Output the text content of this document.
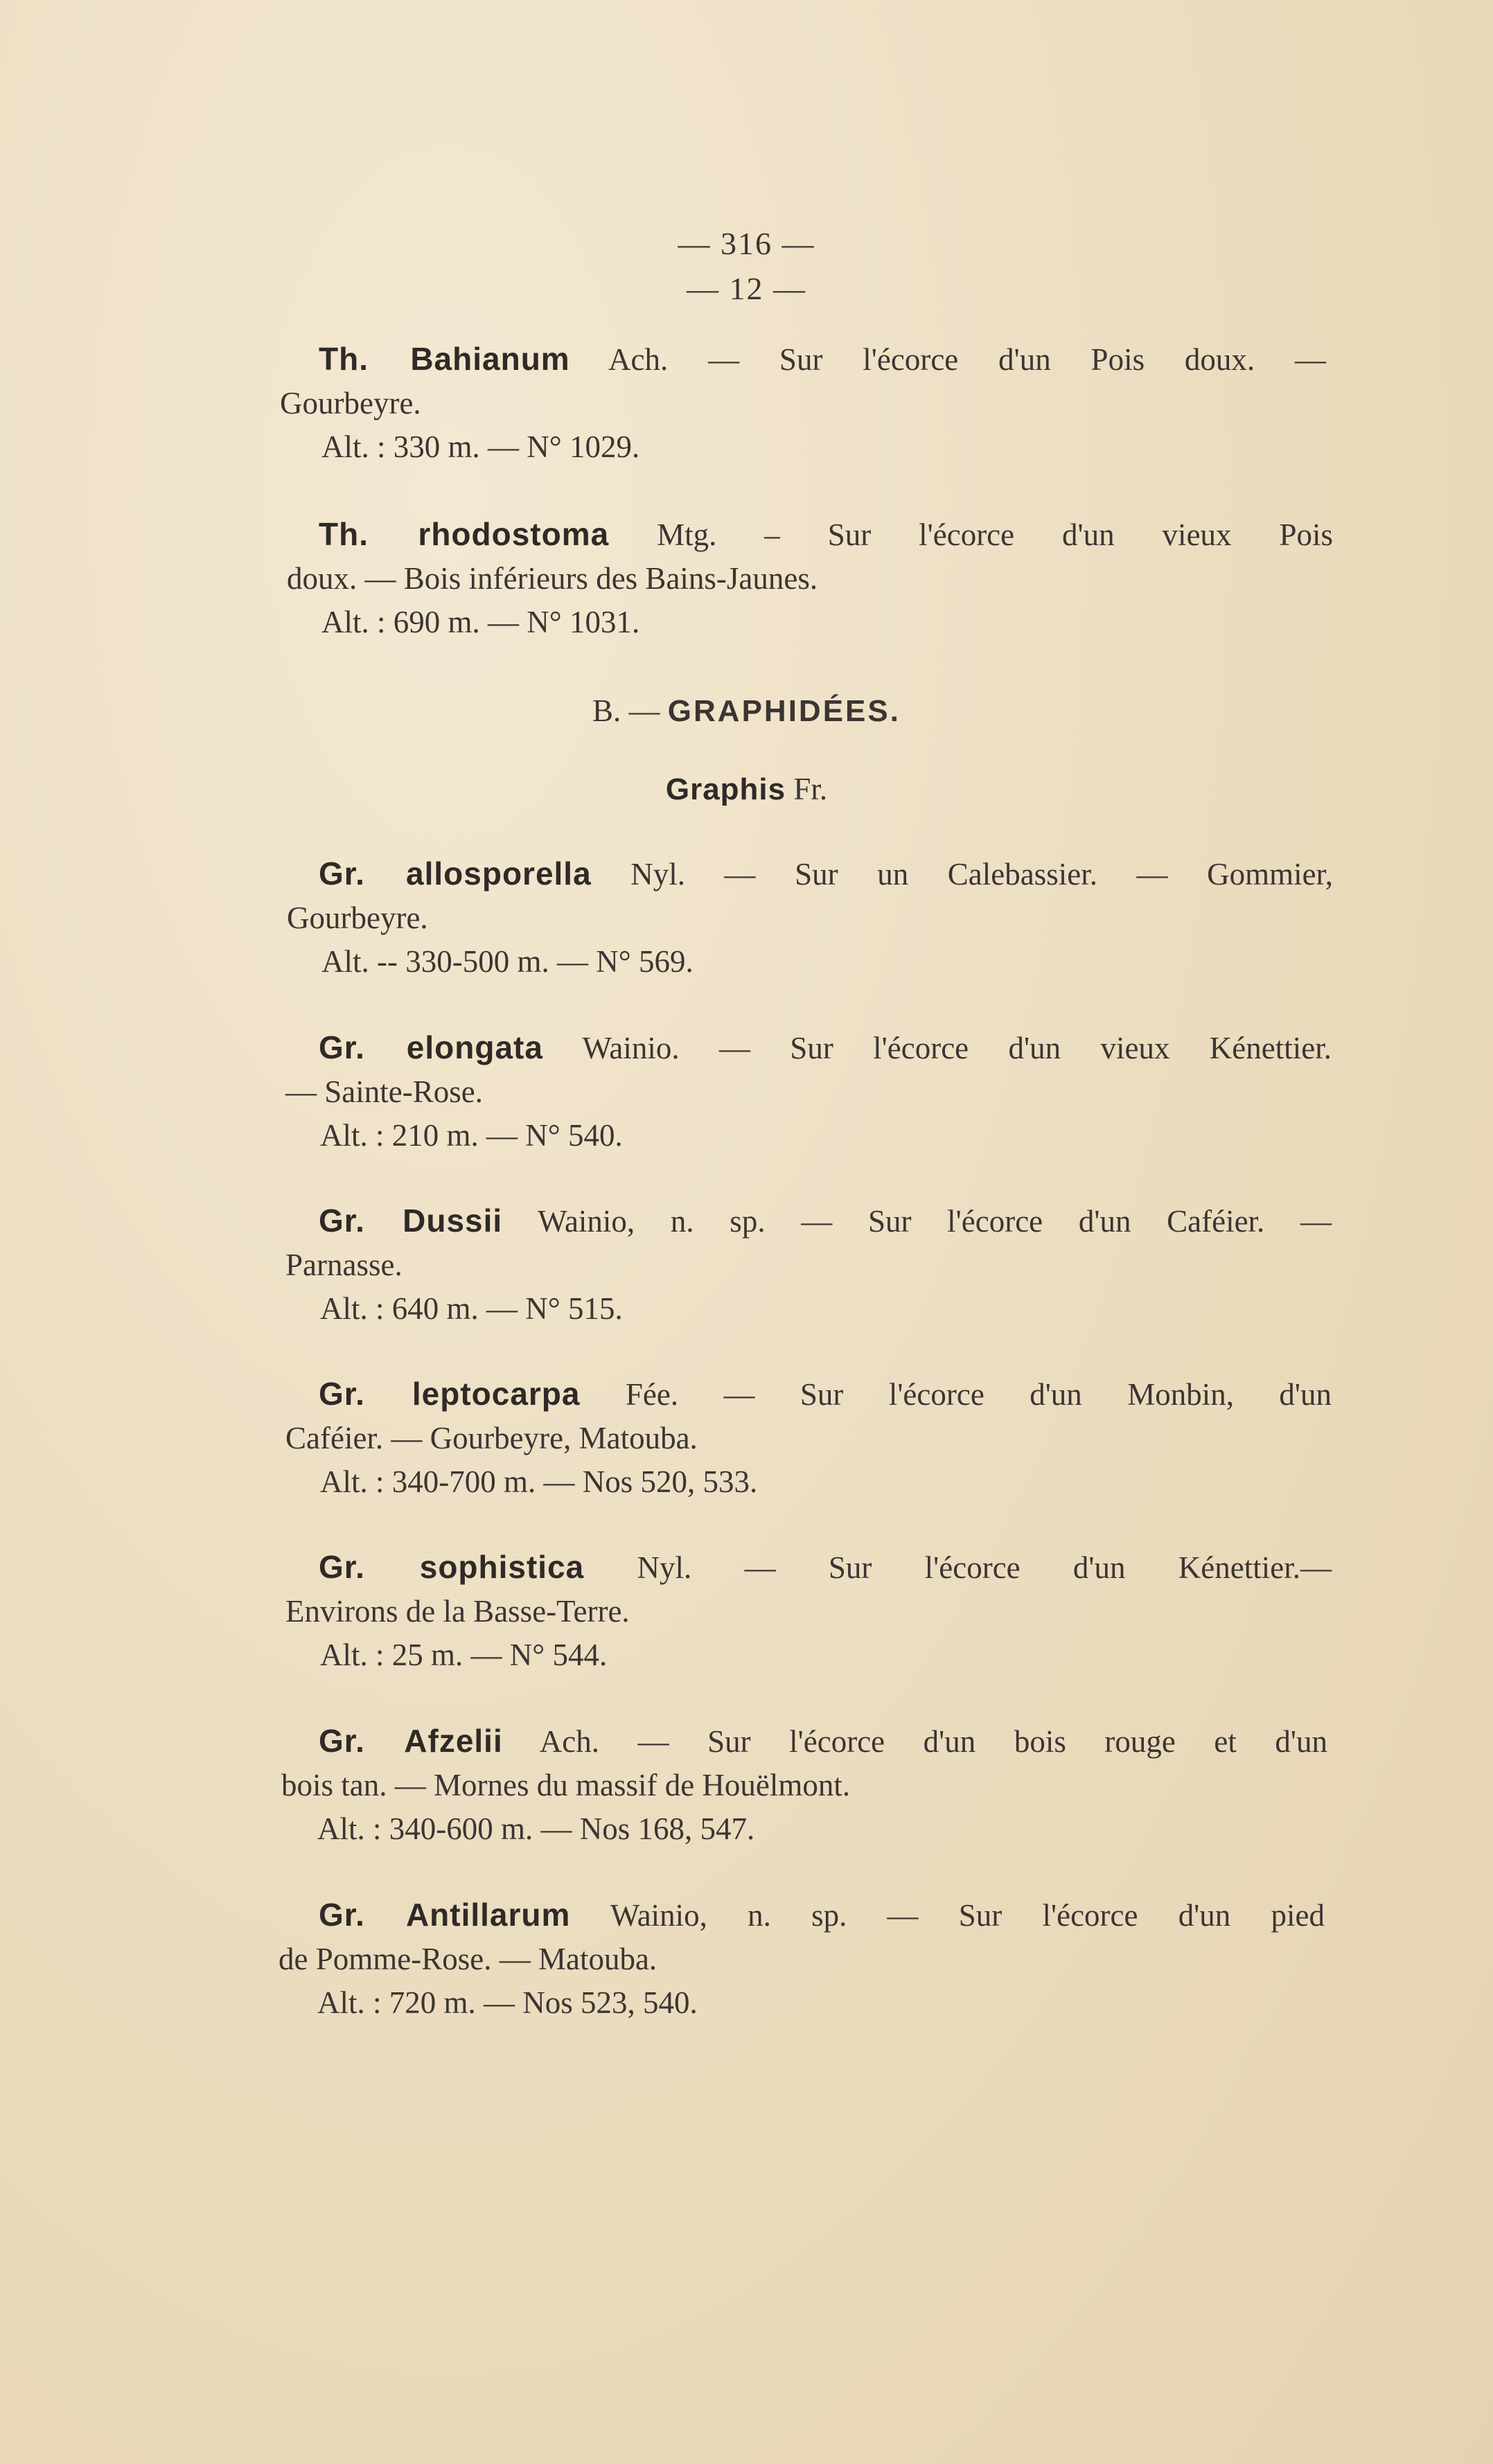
— 316 —
— 12 —
Th. Bahianum Ach. — Sur l'écorce d'un Pois doux. —
Gourbeyre.
Alt. : 330 m. — N° 1029.
Th. rhodostoma Mtg. – Sur l'écorce d'un vieux Pois
doux. — Bois inférieurs des Bains-Jaunes.
Alt. : 690 m. — N° 1031.
B. — GRAPHIDÉES.
Graphis Fr.
Gr. allosporella Nyl. — Sur un Calebassier. — Gommier,
Gourbeyre.
Alt. -- 330-500 m. — N° 569.
Gr. elongata Wainio. — Sur l'écorce d'un vieux Kénettier.
— Sainte-Rose.
Alt. : 210 m. — N° 540.
Gr. Dussii Wainio, n. sp. — Sur l'écorce d'un Caféier. —
Parnasse.
Alt. : 640 m. — N° 515.
Gr. leptocarpa Fée. — Sur l'écorce d'un Monbin, d'un
Caféier. — Gourbeyre, Matouba.
Alt. : 340-700 m. — Nos 520, 533.
Gr. sophistica Nyl. — Sur l'écorce d'un Kénettier.—
Environs de la Basse-Terre.
Alt. : 25 m. — N° 544.
Gr. Afzelii Ach. — Sur l'écorce d'un bois rouge et d'un
bois tan. — Mornes du massif de Houëlmont.
Alt. : 340-600 m. — Nos 168, 547.
Gr. Antillarum Wainio, n. sp. — Sur l'écorce d'un pied
de Pomme-Rose. — Matouba.
Alt. : 720 m. — Nos 523, 540.
